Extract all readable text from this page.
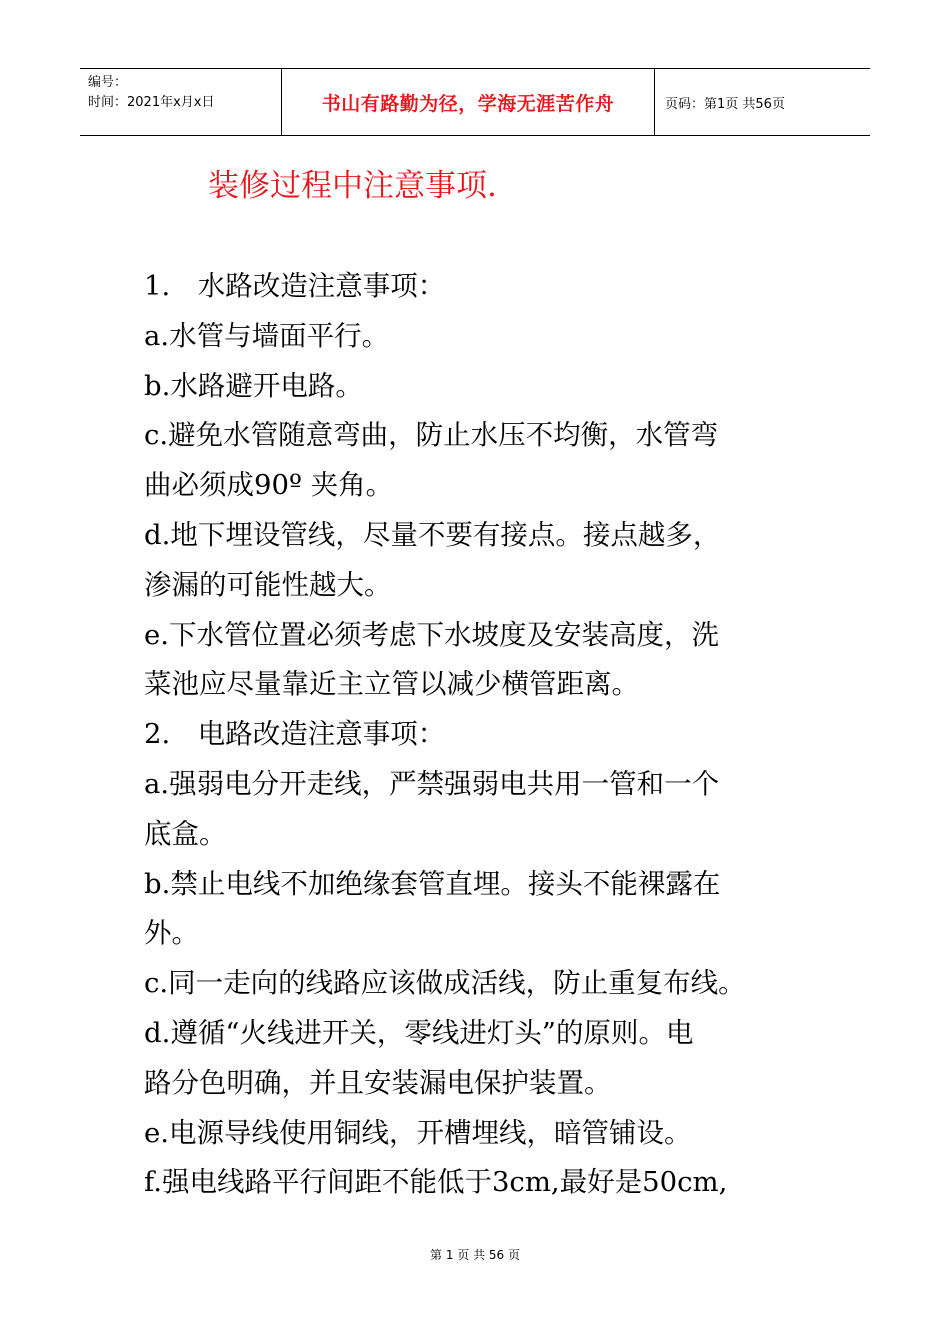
编号：
时间：2021年x月x日	书山有路勤为径，学海无涯苦作舟	页码：第1页 共56页
装修过程中注意事项.
1.　水路改造注意事项：
a.水管与墙面平行。
b.水路避开电路。
c.避免水管随意弯曲，防止水压不均衡，水管弯
曲必须成90º 夹角。
d.地下埋设管线，尽量不要有接点。接点越多，
渗漏的可能性越大。
e.下水管位置必须考虑下水坡度及安装高度，洗
菜池应尽量靠近主立管以减少横管距离。
2.　电路改造注意事项：
a.强弱电分开走线，严禁强弱电共用一管和一个
底盒。
b.禁止电线不加绝缘套管直埋。接头不能裸露在
外。
c.同一走向的线路应该做成活线，防止重复布线。
d.遵循“火线进开关，零线进灯头”的原则。电
路分色明确，并且安装漏电保护装置。
e.电源导线使用铜线，开槽埋线，暗管铺设。
f.强电线路平行间距不能低于3cm,最好是50cm,
第 1 页 共 56 页
